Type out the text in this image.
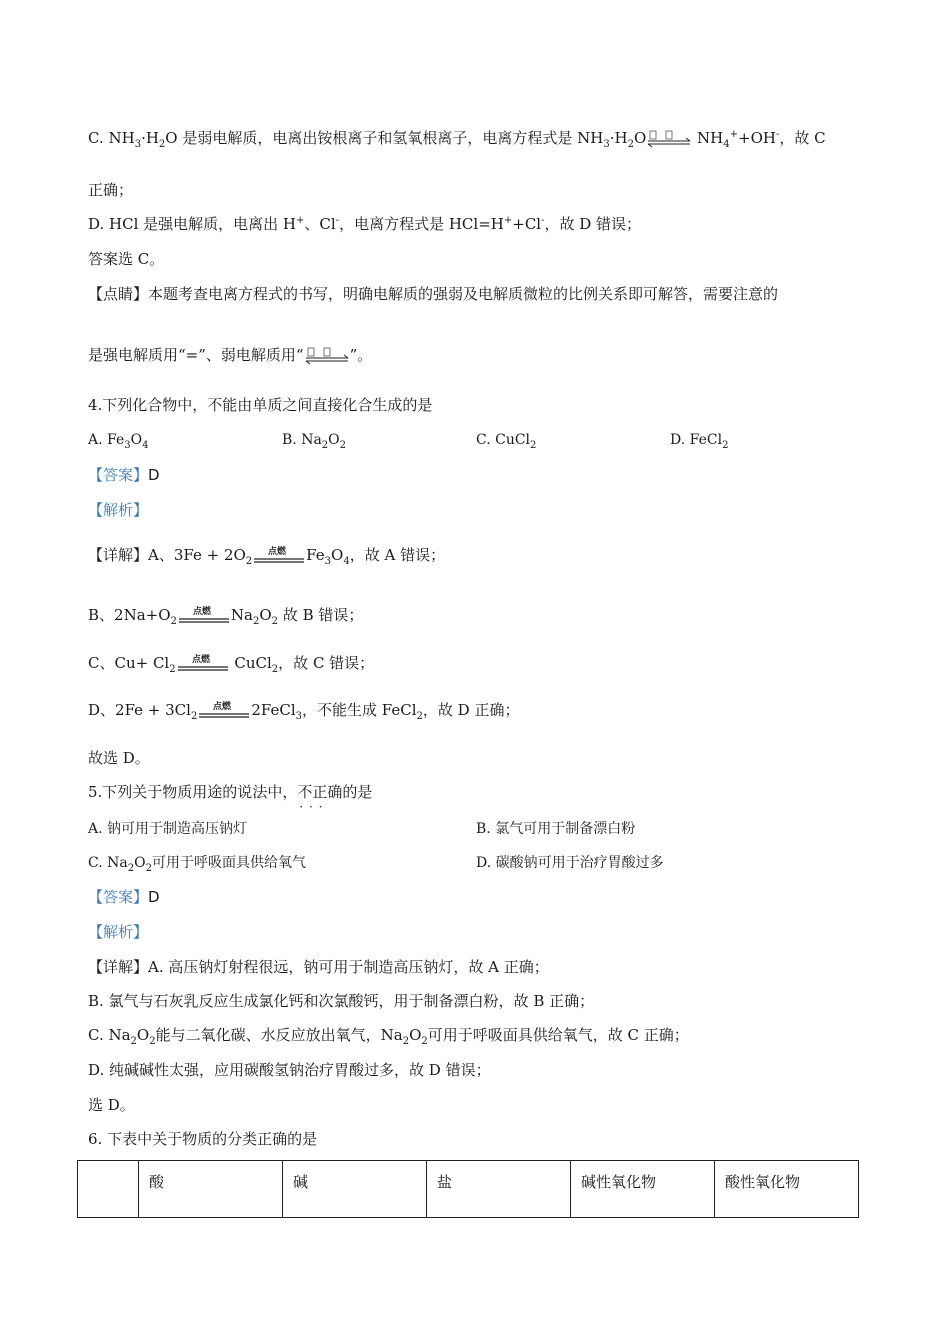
C. $NH_3\cdot H_2O$ 是弱电解质，电离出铵根离子和氢氧根离子，电离方程式是 $NH_3\cdot H_2O\rightleftharpoons$ $NH_4^++OH^-$，故 C
正确；
D. HCl 是强电解质，电离出 H+、Cl-，电离方程式是 HCl=H++Cl-，故 D 错误；
答案选 C。
【点睛】本题考查电离方程式的书写，明确电解质的强弱及电解质微粒的比例关系即可解答，需要注意的
是强电解质用“=”、弱电解质用“⇌”。
4.下列化合物中，不能由单质之间直接化合生成的是
A. $Fe_3O_4$	B. $Na_2O_2$	C. CuCl$_2$	D. FeCl$_2$
【答案】D
【解析】
【详解】A、$3Fe + 2O_2$
点燃 $Fe_3O_4$，故 A 错误；
B、$2Na+O_2$
点燃 $Na_2O_2$ 故 B 错误；
C、$Cu+ Cl_2$
点燃 CuCl$_2$，故 C 错误；
D、$2Fe + 3Cl_2$
点燃 2FeCl$_3$，不能生成 FeCl$_2$，故 D 正确；
故选 D。
5.下列关于物质用途的说法中，不正确 · · ·的是
A. 钠可用于制造高压钠灯	B. 氯气可用于制备漂白粉
C. $Na_2O_2$可用于呼吸面具供给氧气	D. 碳酸钠可用于治疗胃酸过多
【答案】D
【解析】
【详解】A. 高压钠灯射程很远，钠可用于制造高压钠灯，故 A 正确；
B. 氯气与石灰乳反应生成氯化钙和次氯酸钙，用于制备漂白粉，故 B 正确；
C. $Na_2O_2$能与二氧化碳、水反应放出氧气，$Na_2O_2$可用于呼吸面具供给氧气，故 C 正确；
D. 纯碱碱性太强，应用碳酸氢钠治疗胃酸过多，故 D 错误；
选 D。
6. 下表中关于物质的分类正确的是
	酸	碱	盐	碱性氧化物	酸性氧化物
